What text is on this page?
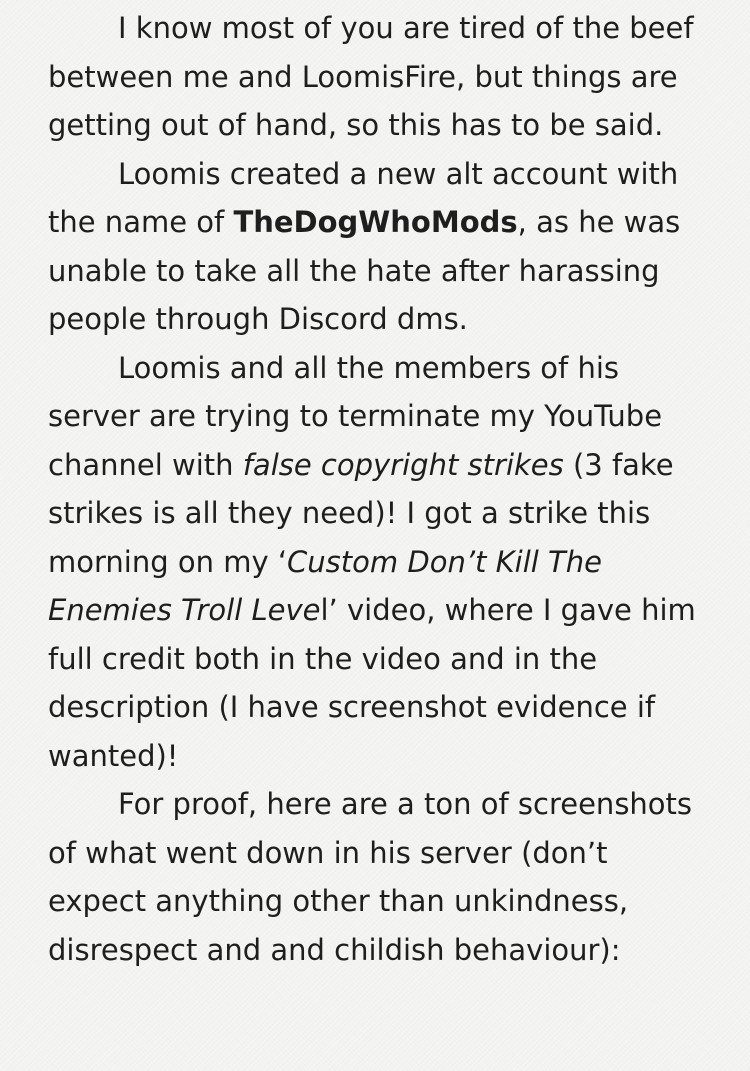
I know most of you are tired of the beef between me and LoomisFire, but things are getting out of hand, so this has to be said.

Loomis created a new alt account with the name of TheDogWhoMods, as he was unable to take all the hate after harassing people through Discord dms.

Loomis and all the members of his server are trying to terminate my YouTube channel with false copyright strikes (3 fake strikes is all they need)! I got a strike this morning on my ‘Custom Don’t Kill The Enemies Troll Level’ video, where I gave him full credit both in the video and in the description (I have screenshot evidence if wanted)!

For proof, here are a ton of screenshots of what went down in his server (don’t expect anything other than unkindness, disrespect and and childish behaviour):
